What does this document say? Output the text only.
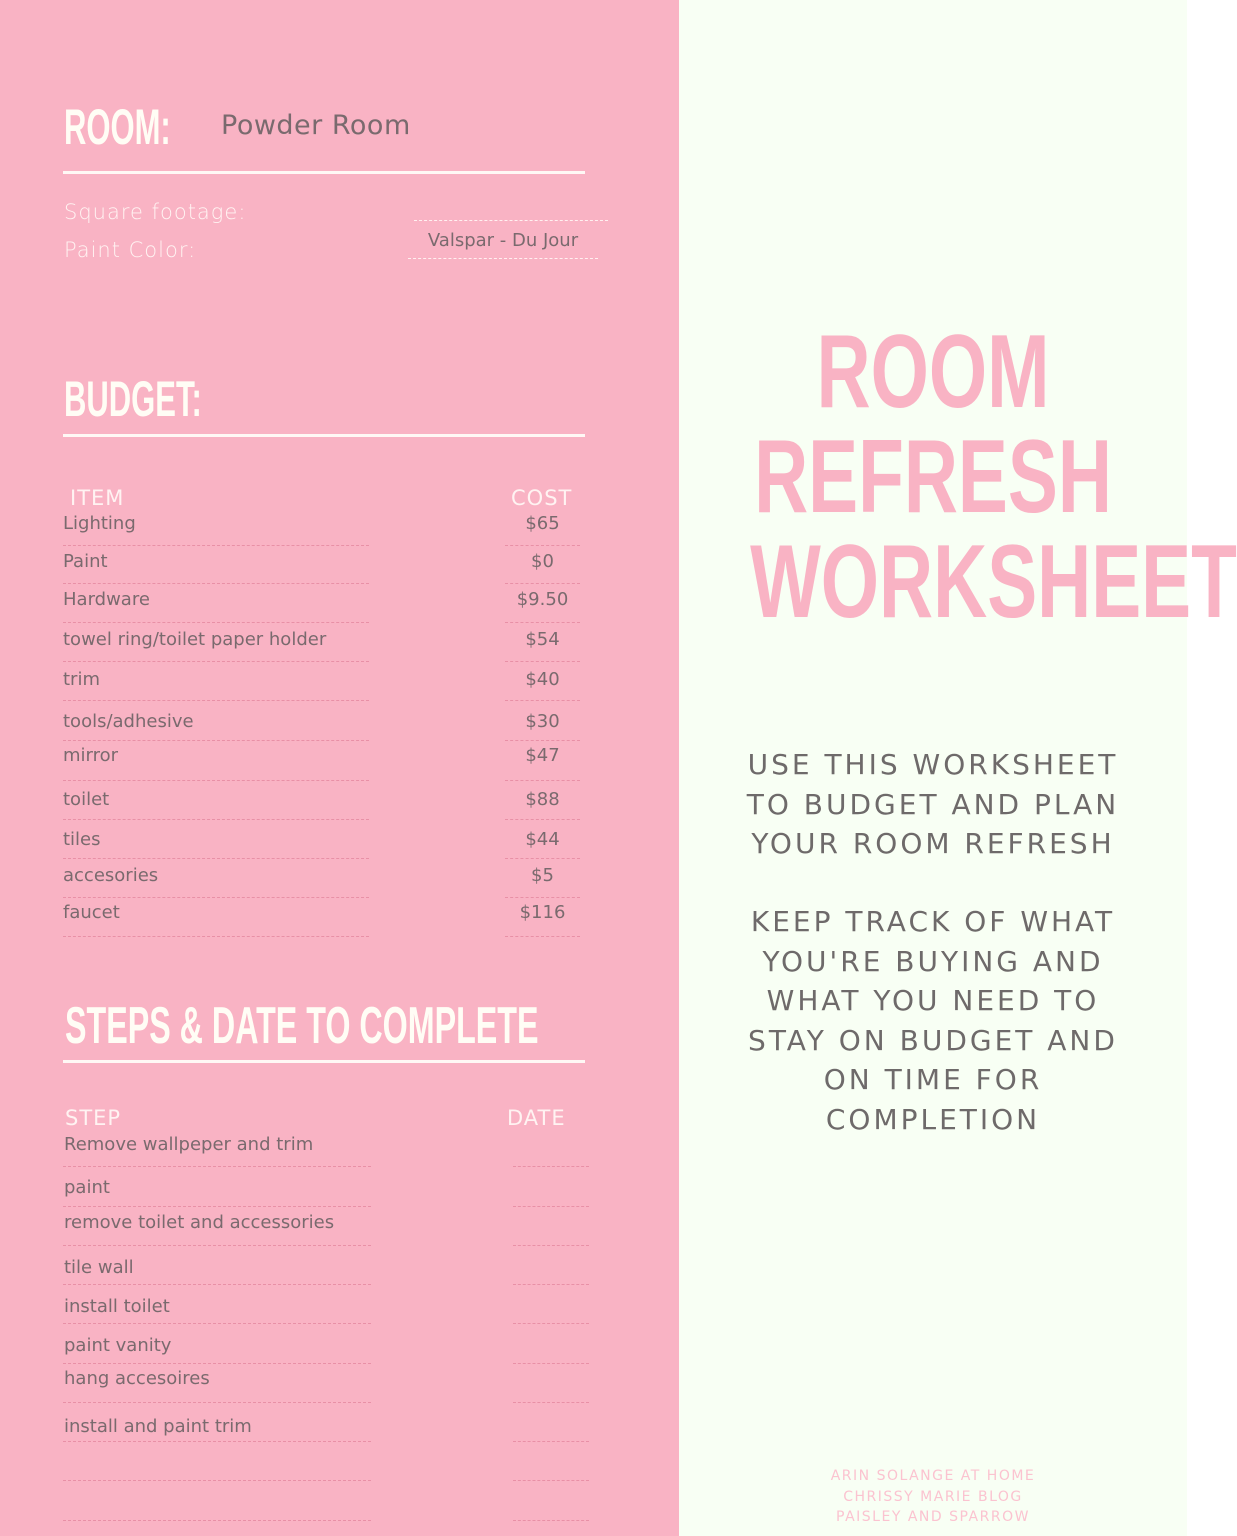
ROOM: Powder Room
Square footage:
Paint Color:	Valspar - Du Jour
BUDGET:
ITEM	COST
Lighting	$65
Paint	$0
Hardware	$9.50
towel ring/toilet paper holder	$54
trim	$40
tools/adhesive	$30
mirror	$47
toilet	$88
tiles	$44
accesories	$5
faucet	$116
STEPS & DATE TO COMPLETE
STEP	DATE
Remove wallpeper and trim
paint
remove toilet and accessories
tile wall
install toilet
paint vanity
hang accesoires
install and paint trim
ROOM
REFRESH
WORKSHEET
USE THIS WORKSHEET TO BUDGET AND PLAN YOUR ROOM REFRESH
KEEP TRACK OF WHAT YOU'RE BUYING AND WHAT YOU NEED TO STAY ON BUDGET AND ON TIME FOR COMPLETION
ARIN SOLANGE AT HOME
CHRISSY MARIE BLOG
PAISLEY AND SPARROW
